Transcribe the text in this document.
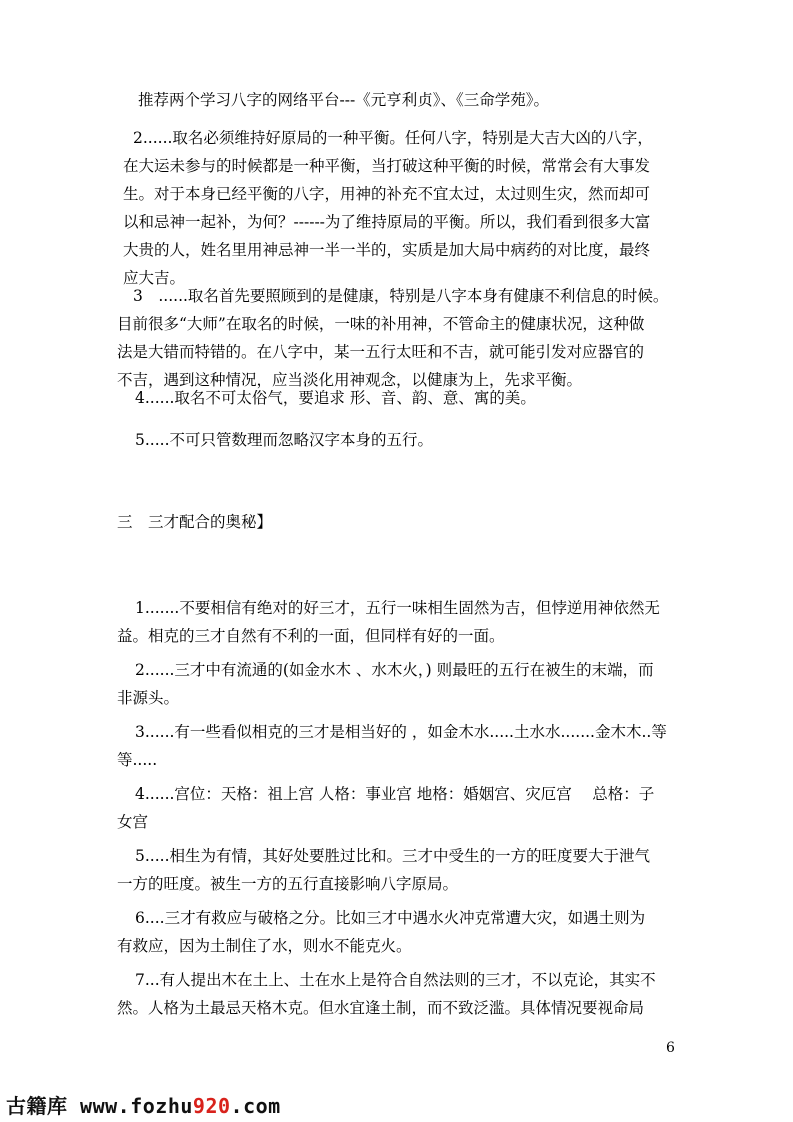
推荐两个学习八字的网络平台---《元亨利贞》、《三命学苑》。

2......取名必须维持好原局的一种平衡。任何八字，特别是大吉大凶的八字，
在大运未参与的时候都是一种平衡，当打破这种平衡的时候，常常会有大事发
生。对于本身已经平衡的八字，用神的补充不宜太过，太过则生灾，然而却可
以和忌神一起补，为何？------为了维持原局的平衡。所以，我们看到很多大富
大贵的人，姓名里用神忌神一半一半的，实质是加大局中病药的对比度，最终
应大吉。

3　......取名首先要照顾到的是健康，特别是八字本身有健康不利信息的时候。
目前很多“大师”在取名的时候，一味的补用神，不管命主的健康状况，这种做
法是大错而特错的。在八字中，某一五行太旺和不吉，就可能引发对应器官的
不吉，遇到这种情况，应当淡化用神观念，以健康为上，先求平衡。

4......取名不可太俗气，要追求 形、音、韵、意、寓的美。

5.....不可只管数理而忽略汉字本身的五行。

三　三才配合的奥秘】

1.......不要相信有绝对的好三才，五行一味相生固然为吉，但悖逆用神依然无
益。相克的三才自然有不利的一面，但同样有好的一面。

2......三才中有流通的(如金水木 、水木火，) 则最旺的五行在被生的末端，而
非源头。

3......有一些看似相克的三才是相当好的 ，如金木水.....土水水.......金木木..等
等.....

4......宫位：天格：祖上宫 人格：事业宫 地格：婚姻宫、灾厄宫　 总格：子
女宫

5.....相生为有情，其好处要胜过比和。三才中受生的一方的旺度要大于泄气
一方的旺度。被生一方的五行直接影响八字原局。

6....三才有救应与破格之分。比如三才中遇水火冲克常遭大灾，如遇土则为
有救应，因为土制住了水，则水不能克火。

7...有人提出木在土上、土在水上是符合自然法则的三才，不以克论，其实不
然。人格为土最忌天格木克。但水宜逢土制，而不致泛滥。具体情况要视命局

6
古籍库 www.fozhu920.com
